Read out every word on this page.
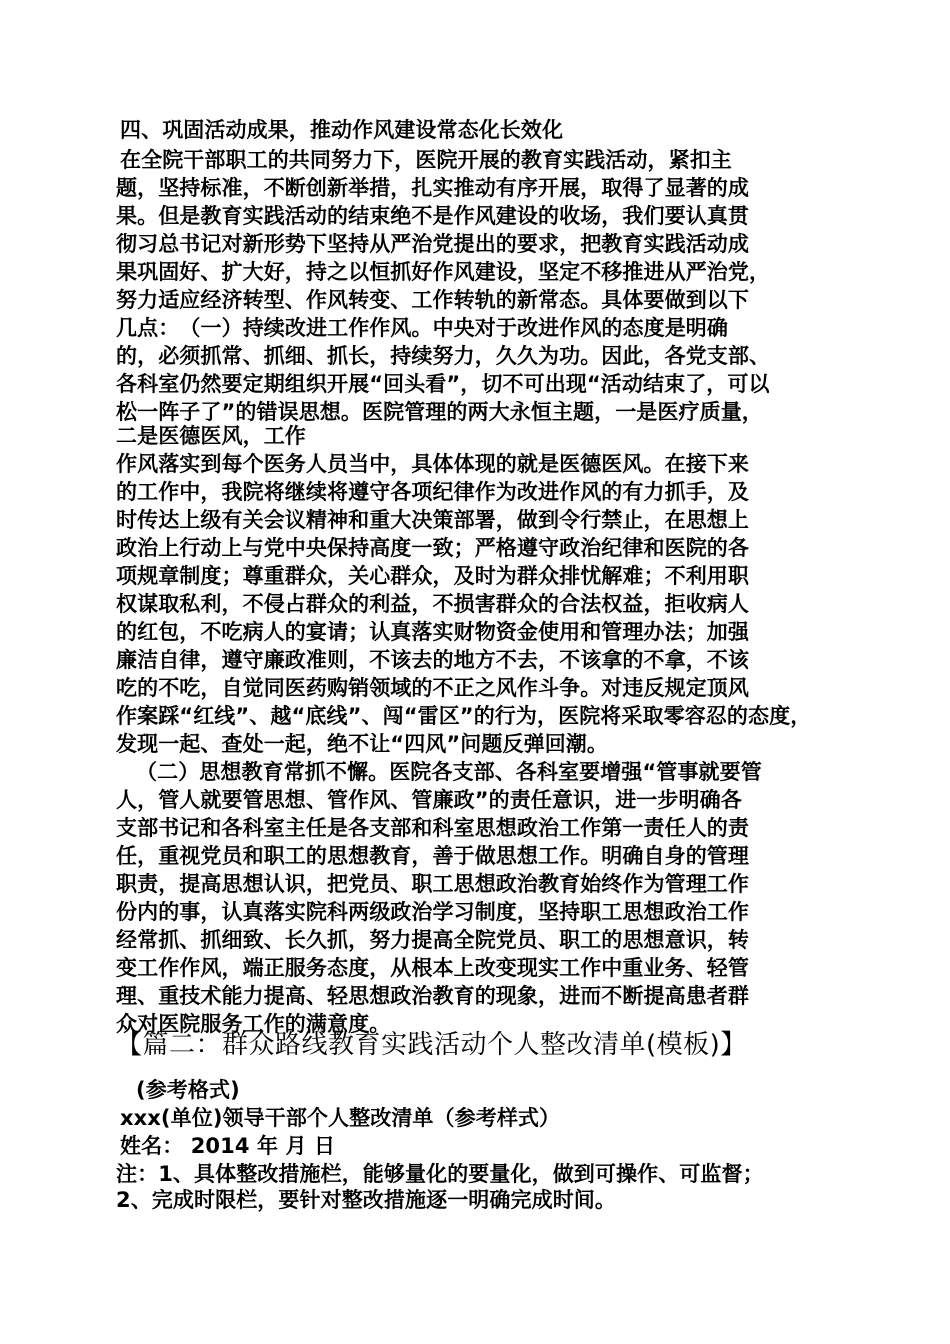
四、巩固活动成果，推动作风建设常态化长效化

在全院干部职工的共同努力下，医院开展的教育实践活动，紧扣主

题，坚持标准，不断创新举措，扎实推动有序开展，取得了显著的成

果。但是教育实践活动的结束绝不是作风建设的收场，我们要认真贯

彻习总书记对新形势下坚持从严治党提出的要求，把教育实践活动成

果巩固好、扩大好，持之以恒抓好作风建设，坚定不移推进从严治党，

努力适应经济转型、作风转变、工作转轨的新常态。具体要做到以下

几点：　（一）持续改进工作作风。中央对于改进作风的态度是明确

的，必须抓常、抓细、抓长，持续努力，久久为功。因此，各党支部、

各科室仍然要定期组织开展“回头看”，切不可出现“活动结束了，可以

松一阵子了”的错误思想。医院管理的两大永恒主题，一是医疗质量，

二是医德医风，工作

作风落实到每个医务人员当中，具体体现的就是医德医风。在接下来

的工作中，我院将继续将遵守各项纪律作为改进作风的有力抓手，及

时传达上级有关会议精神和重大决策部署，做到令行禁止，在思想上

政治上行动上与党中央保持高度一致；严格遵守政治纪律和医院的各

项规章制度；尊重群众，关心群众，及时为群众排忧解难；不利用职

权谋取私利，不侵占群众的利益，不损害群众的合法权益，拒收病人

的红包，不吃病人的宴请；认真落实财物资金使用和管理办法；加强

廉洁自律，遵守廉政准则，不该去的地方不去，不该拿的不拿，不该

吃的不吃，自觉同医药购销领域的不正之风作斗争。对违反规定顶风

作案踩“红线”、越“底线”、闯“雷区”的行为，医院将采取零容忍的态度，

发现一起、查处一起，绝不让“四风”问题反弹回潮。

（二）思想教育常抓不懈。医院各支部、各科室要增强“管事就要管

人，管人就要管思想、管作风、管廉政”的责任意识，进一步明确各

支部书记和各科室主任是各支部和科室思想政治工作第一责任人的责

任，重视党员和职工的思想教育，善于做思想工作。明确自身的管理

职责，提高思想认识，把党员、职工思想政治教育始终作为管理工作

份内的事，认真落实院科两级政治学习制度，坚持职工思想政治工作

经常抓、抓细致、长久抓，努力提高全院党员、职工的思想意识，转

变工作作风，端正服务态度，从根本上改变现实工作中重业务、轻管

理、重技术能力提高、轻思想政治教育的现象，进而不断提高患者群

众对医院服务工作的满意度。

【篇二：群众路线教育实践活动个人整改清单(模板)】

(参考格式)

xxx(单位)领导干部个人整改清单（参考样式）

姓名： 2014 年 月 日

注：1、具体整改措施栏，能够量化的要量化，做到可操作、可监督；

2、完成时限栏，要针对整改措施逐一明确完成时间。
